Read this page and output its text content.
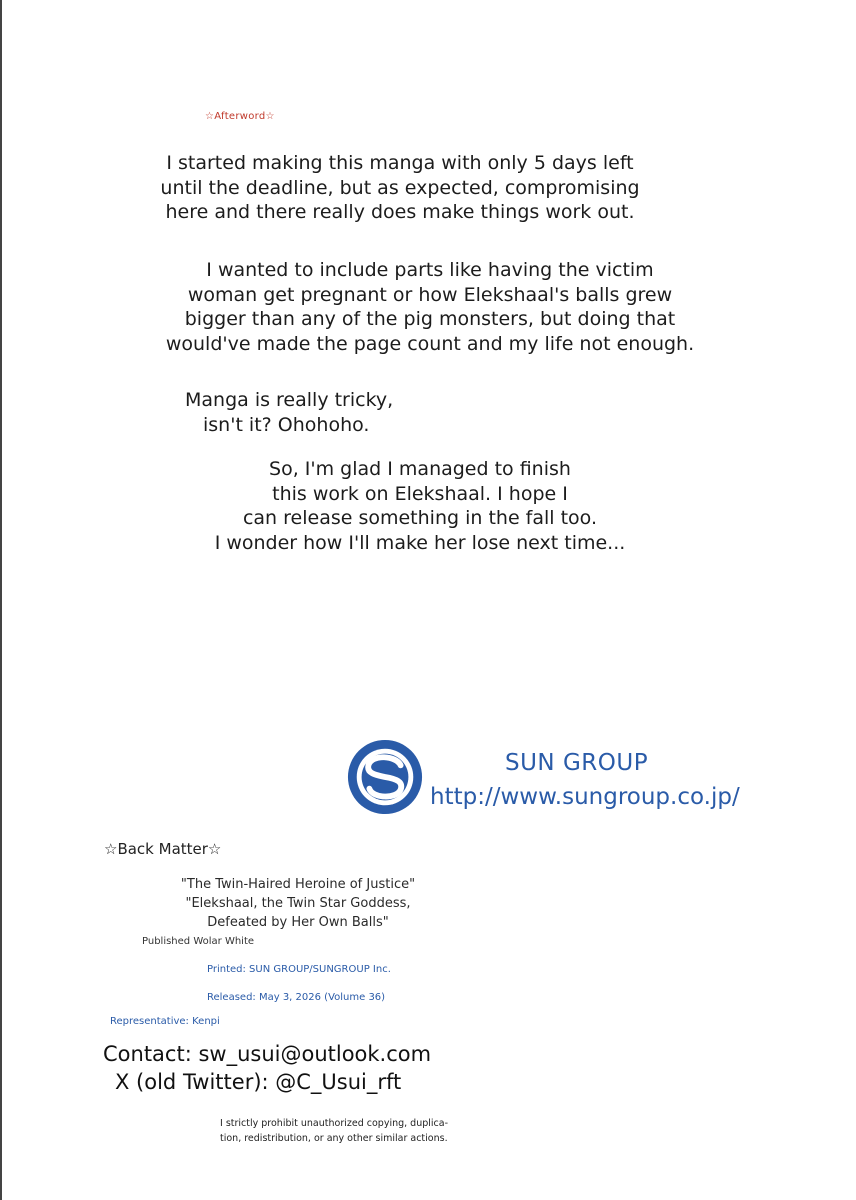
☆Afterword☆
I started making this manga with only 5 days left
until the deadline, but as expected, compromising
here and there really does make things work out.
I wanted to include parts like having the victim
woman get pregnant or how Elekshaal's balls grew
bigger than any of the pig monsters, but doing that
would've made the page count and my life not enough.
Manga is really tricky,
isn't it? Ohohoho.
So, I'm glad I managed to finish
this work on Elekshaal. I hope I
can release something in the fall too.
I wonder how I'll make her lose next time...
SUN GROUP
http://www.sungroup.co.jp/
☆Back Matter☆
"The Twin-Haired Heroine of Justice"
"Elekshaal, the Twin Star Goddess,
Defeated by Her Own Balls"
Published Wolar White
Printed: SUN GROUP/SUNGROUP Inc.
Released: May 3, 2026 (Volume 36)
Representative: Kenpi
Contact: sw_usui@outlook.com
X (old Twitter): @C_Usui_rft
I strictly prohibit unauthorized copying, duplica-
tion, redistribution, or any other similar actions.
